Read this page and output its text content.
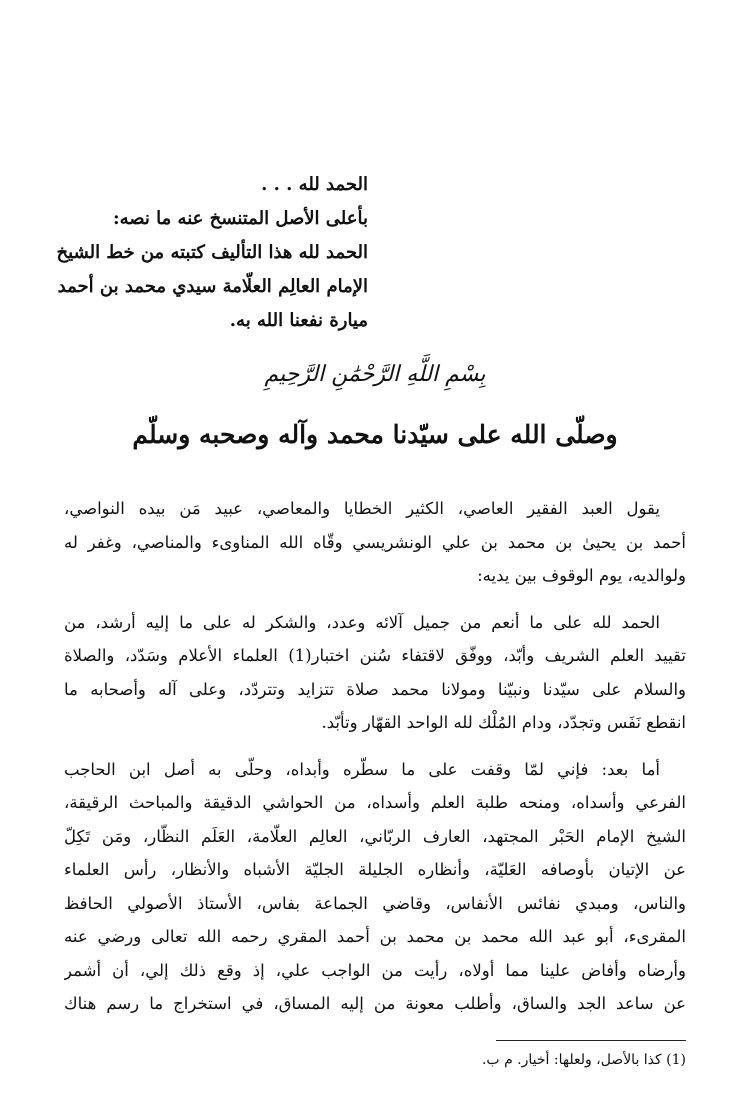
الحمد لله . . .
بأعلى الأصل المتنسخ عنه ما نصه:
الحمد لله هذا التأليف كتبته من خط الشيخ
الإمام العالِم العلّامة سيدي محمد بن أحمد
ميارة نفعنا الله به.
بِسْمِ اللَّهِ الرَّحْمَٰنِ الرَّحِيمِ
وصلّى الله على سيّدنا محمد وآله وصحبه وسلّم

يقول العبد الفقير العاصي، الكثير الخطايا والمعاصي، عبيد مَن بيده النواصي،
أحمد بن يحيىٰ بن محمد بن علي الونشريسي وقّاه الله المناوىء والمناصي، وغفر له
ولوالديه، يوم الوقوف بين يديه:

الحمد لله على ما أنعم من جميل آلائه وعدد، والشكر له على ما إليه أرشد، من
تقييد العلم الشريف وأبّد، ووفّق لاقتفاء سُنن اختبار(1) العلماء الأعلام وسَدّد، والصلاة
والسلام على سيّدنا ونبيّنا ومولانا محمد صلاة تتزايد وتتردّد، وعلى آله وأصحابه ما
انقطع نَفَس وتجدّد، ودام المُلْك لله الواحد القهّار وتأبّد.

أما بعد: فإني لمّا وقفت على ما سطّره وأبداه، وحلّى به أصل ابن الحاجب
الفرعي وأسداه، ومنحه طلبة العلم وأسداه، من الحواشي الدقيقة والمباحث الرقيقة،
الشيخ الإمام الحَبْر المجتهد، العارف الربّاني، العالِم العلّامة، العَلَم النظّار، ومَن تَكِلّ
عن الإتيان بأوصافه العَليّة، وأنظاره الجليلة الجليّة الأشباه والأنظار، رأس العلماء
والناس، ومبدي نفائس الأنفاس، وقاضي الجماعة بفاس، الأستاذ الأصولي الحافظ
المقرىء، أبو عبد الله محمد بن محمد بن أحمد المقري رحمه الله تعالى ورضي عنه
وأرضاه وأفاض علينا مما أولاه، رأيت من الواجب علي، إذ وقع ذلك إلي، أن أشمر
عن ساعد الجد والساق، وأطلب معونة من إليه المساق، في استخراج ما رسم هناك

(1) كذا بالأصل، ولعلها: أخيار. م ب.
